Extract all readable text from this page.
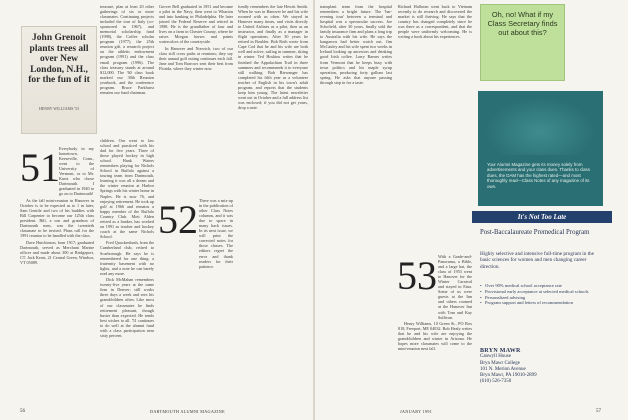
treasure, plan at least 20 other gatherings of six or more classmates. Continuing projects included the tour of Italy (co-sponsored in 1967), and memorial scholarship fund (1998), the Coffee scholar program (1977), the 25th reunion gift, a research project on the athletic endowment program (1991) and the class email program (1996). The class treasury stands at around $12,000. The '60 class book marked our 30th Reunion yearbook, and the conference program. Bruce Parkhurst remains our fund chairman.

John Grenoit plants trees all over New London, N.H., for the fun of it
HENRY WILLIAMS '53
51 Everybody in my hometown, Keeseville, Conn., went to the University of Vermont, or to Mr. Kurtz who chose Dartmouth. I graduated in 1940 to go on to Dartmouth!

As the fall mini-reunion in Hanover in October is to be expected as to 1 in later, Sam Gentile and two of his buddies with Bill Carpenter to become our 125th class president. Bill, a son and grandson of Dartmouth men, was the twentieth classmate to be invited. Plans call for the 1991 reunion to be handled with the class.

Dave Hutchinson, born 1917; graduated Dartmouth, served as Merchant Marine officer and made about 300 at Bridgeport, CT. Jack Keats, 21 Central Green, Windsor, VT 05089.

children. Our went to law school and practiced with his dad for five years. Three of those played hockey in high school. Hank Waters remembers playing for Nichols School in Buffalo against a touring team from Dartmouth, learning it was all a dream and the winter reunion at Harbor Springs with his winter home in Naples. He is now 76, and enjoying retirement. He took up golf at 1966 and remains a happy member of the Buffalo Country Club. Mott Alden retired as a banker, has worked on 1991 as teacher and hockey coach at the same Nichols School.

Fred Quackenbush, from the Cumberland club, retired to Scarborough. He says he is remembered for one thing: a fraternity basement with no lights, and a note he can barely read any more.

Dick McMahan remembers twenty-five years at the same firm in Denver; still works three days a week and sees his grandchildren often. Like most of our classmates he finds retirement pleasant, though busier than expected. He sends best wishes to all. '51 continues to do well at the alumni fund with a class participation near sixty percent.

Grover Bell graduated in 1951 and became a pilot in the Navy, then went to Wharton and into banking in Philadelphia. He later joined the Federal Reserve and retired in 1988. He is the grandfather of four and lives on a farm in Chester County, where he raises Morgan horses and paints watercolors of the countryside.

In Hanover and Norwich, two of our class still cross paths at reunions; they say their annual golf outing continues each fall. Jane and Tom Barrows sent their best from Florida, where they winter now.

52 There was a mix-up in the publication of other Class Notes columns, and it was due to space in many back issues. In its next issue, we will print the corrected notes for those classes. The editors regret the error and thank readers for their patience.

fondly remembers the late Hewitt Smith. When he was in Hanover he and his wife roomed with us often. We stayed in Hanover many times, and visits directly to United Airlines as a pilot, then as an instructor, and finally as a manager in flight operations. After 30 years he retired in Boulder. Bob Roth wrote from Cape Cod that he and his wife are both well and active, sailing in summer, skiing in winter. Ted Hoskins writes that he finished the Appalachian Trail in three summers and recommends it to everyone still walking. Bob Biewanger has completed his fifth year as a volunteer teacher of English in his town's adult program, and reports that the students keep him young. The latest newsletter went out in October and a full address list was enclosed; if you did not get yours, drop a note.

56	DARTMOUTH ALUMNI MAGAZINE

transplant team from the hospital remembers a bright future. The 'bar-evening tour' between a terminal and hospital was a spectacular success. Joe Schofield, after 30 years, finally sold the family insurance firm and plans a long trip to Australia with his wife. He says the kangaroos had better watch out. Jim McCauley and his wife spent two weeks in Ireland looking up ancestors and drinking good Irish coffee. Larry Barnes writes from Vermont that he keeps busy with town politics and his maple syrup operation, producing forty gallons last spring. He asks that anyone passing through stop in for a taste.

Richard Halloran went back to Vietnam recently to do research and discovered the market is still thriving. He says that the country has changed completely since he was there as a correspondent, and that the people were uniformly welcoming. He is writing a book about his experiences.

53 With a Grade-and-Panorama, a Bible, and a large hat, the class of 1953 went to Hanover for the Winter Carnival and stayed in Etna. Some of us were guests at the Inn and others roomed at the Hanover Inn with Tom and Kay Sullivan.

Henry Williams, 10 Green St., PO Box 818, Freeport, ME 04032. Bob Healy writes that he and his wife are enjoying the grandchildren and winter in Arizona. He hopes more classmates will come to the mini-reunion next fall.

Oh, no! What if my Class Secretary finds out about this?
Your Alumni Magazine gets its money solely from advertisements and your class dues. Thanks to class dues, the DAM has the highest rated—and most thoroughly read—Class Notes of any magazine of its own.
It's Not Too Late
Post-Baccalaureate Premedical Program
Highly selective and intensive full-time program in the basic sciences for women and men changing career direction.
• Over 90% medical school acceptance rate
• Provisional early acceptance at selected medical schools
• Personalized advising
• Program support and letters of recommendation
BRYN MAWR
Canwyll House
Bryn Mawr College
101 N. Merion Avenue
Bryn Mawr, PA 19010-2899
(610) 526-7350
JANUARY 1991	57
